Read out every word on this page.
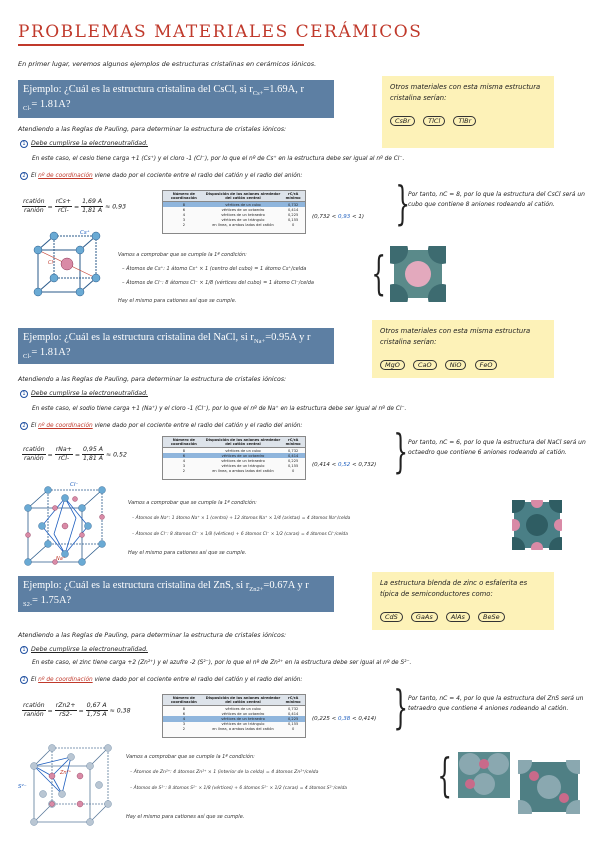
PROBLEMAS MATERIALES CERÁMICOS
En primer lugar, veremos algunos ejemplos de estructuras cristalinas en cerámicos iónicos.
Ejemplo: ¿Cuál es la estructura cristalina del CsCl, si $r_{Cs+}=1.69A$, r
$_{Cl-}$= 1.81A?
Otros materiales con esta misma estructura cristalina serían:
CsBr	TlCl	TlBr
Atendiendo a las Reglas de Pauling, para determinar la estructura de cristales iónicos:
1 Debe cumplirse la electroneutralidad.
En este caso, el cesio tiene carga +1 (Cs⁺) y el cloro -1 (Cl⁻), por lo que el nº de Cs⁺ en la estructura debe ser igual al nº de Cl⁻.
2 El nº de coordinación viene dado por el cociente entre el radio del catión y el radio del anión:
$\frac{\text{rcatión}}{\text{ranión}} = \frac{\text{rCs+}}{\text{rCl-}} = \frac{1,69 A}{1,81 A} \approx 0,93$
Número de coordinación	Disposición de los aniones alrededor del catión central	rC/rA mínimo
8	vértices de un cubo	0,732
6	vértices de un octaedro	0,414
4	vértices de un tetraedro	0,225
3	vértices de un triángulo	0,155
2	en línea, a ambos lados del catión	0
(0,732 < 0,93 < 1) }
Por tanto, nC = 8, por lo que la estructura del CsCl será un cubo que contiene 8 aniones rodeando al catión.
Cs⁺
Cl⁻
Vamos a comprobar que se cumple la 1ª condición:
– Átomos de Cs⁺: 1 átomo Cs⁺ × 1 (centro del cubo) = 1 átomo Cs⁺/celda
– Átomos de Cl⁻: 8 átomos Cl⁻ × 1/8 (vértices del cubo) = 1 átomo Cl⁻/celda
Hay el mismo para cationes así que se cumple.
{
Ejemplo: ¿Cuál es la estructura cristalina del NaCl, si $r_{Na+}=0.95A$ y r
$_{Cl-}$= 1.81A?
Otros materiales con esta misma estructura cristalina serían:
MgO	CaO	NiO	FeO
Atendiendo a las Reglas de Pauling, para determinar la estructura de cristales iónicos:
1 Debe cumplirse la electroneutralidad.
En este caso, el sodio tiene carga +1 (Na⁺) y el cloro -1 (Cl⁻), por lo que el nº de Na⁺ en la estructura debe ser igual al nº de Cl⁻.
2 El nº de coordinación viene dado por el cociente entre el radio del catión y el radio del anión:
$\frac{\text{rcatión}}{\text{ranión}} = \frac{\text{rNa+}}{\text{rCl-}} = \frac{0,95 A}{1,81 A} \approx 0,52$
Número de coordinación	Disposición de los aniones alrededor del catión central	rC/rA mínimo
8	vértices de un cubo	0,732
6	vértices de un octaedro	0,414
4	vértices de un tetraedro	0,225
3	vértices de un triángulo	0,155
2	en línea, a ambos lados del catión	0
(0,414 < 0,52 < 0,732) } Por tanto, nC = 6, por lo que la estructura del NaCl será un octaedro que contiene 6 aniones rodeando al catión.
Cl⁻
Na⁺
Vamos a comprobar que se cumple la 1ª condición:
– Átomos de Na⁺: 1 átomo Na⁺ × 1 (centro) + 12 átomos Na⁺ × 1/4 (aristas) = 4 átomos Na⁺/celda
– Átomos de Cl⁻: 8 átomos Cl⁻ × 1/8 (vértices) + 6 átomos Cl⁻ × 1/2 (caras) = 4 átomos Cl⁻/celda
Hay el mismo para cationes así que se cumple.
Ejemplo: ¿Cuál es la estructura cristalina del ZnS, si $r_{Zn2+}=0.67A$ y r
$_{S2-}$= 1.75A?
La estructura blenda de zinc o esfalerita es típica de semiconductores como:
CdS	GaAs	AlAs	BeSe
Atendiendo a las Reglas de Pauling, para determinar la estructura de cristales iónicos:
1 Debe cumplirse la electroneutralidad.
En este caso, el zinc tiene carga +2 (Zn²⁺) y el azufre -2 (S²⁻), por lo que el nº de Zn²⁺ en la estructura debe ser igual al nº de S²⁻.
2 El nº de coordinación viene dado por el cociente entre el radio del catión y el radio del anión:
$\frac{\text{rcatión}}{\text{ranión}} = \frac{\text{rZn2+}}{rS2-} = \frac{0,67 A}{1,75 A} \approx 0,38$
Número de coordinación	Disposición de los aniones alrededor del catión central	rC/rA mínimo
8	vértices de un cubo	0,732
6	vértices de un octaedro	0,414
4	vértices de un tetraedro	0,225
3	vértices de un triángulo	0,155
2	en línea, a ambos lados del catión	0
(0,225 < 0,38 < 0,414) } Por tanto, nC = 4, por lo que la estructura del ZnS será un tetraedro que contiene 4 aniones rodeando al catión.
S²⁻
Zn²⁺
Vamos a comprobar que se cumple la 1ª condición:
– Átomos de Zn²⁺: 4 átomos Zn²⁺ × 1 (interior de la celda) = 4 átomos Zn²⁺/celda
– Átomos de S²⁻: 8 átomos S²⁻ × 1/8 (vértices) + 6 átomos S²⁻ × 1/2 (caras) = 4 átomos S²⁻/celda
Hay el mismo para cationes así que se cumple.
{
